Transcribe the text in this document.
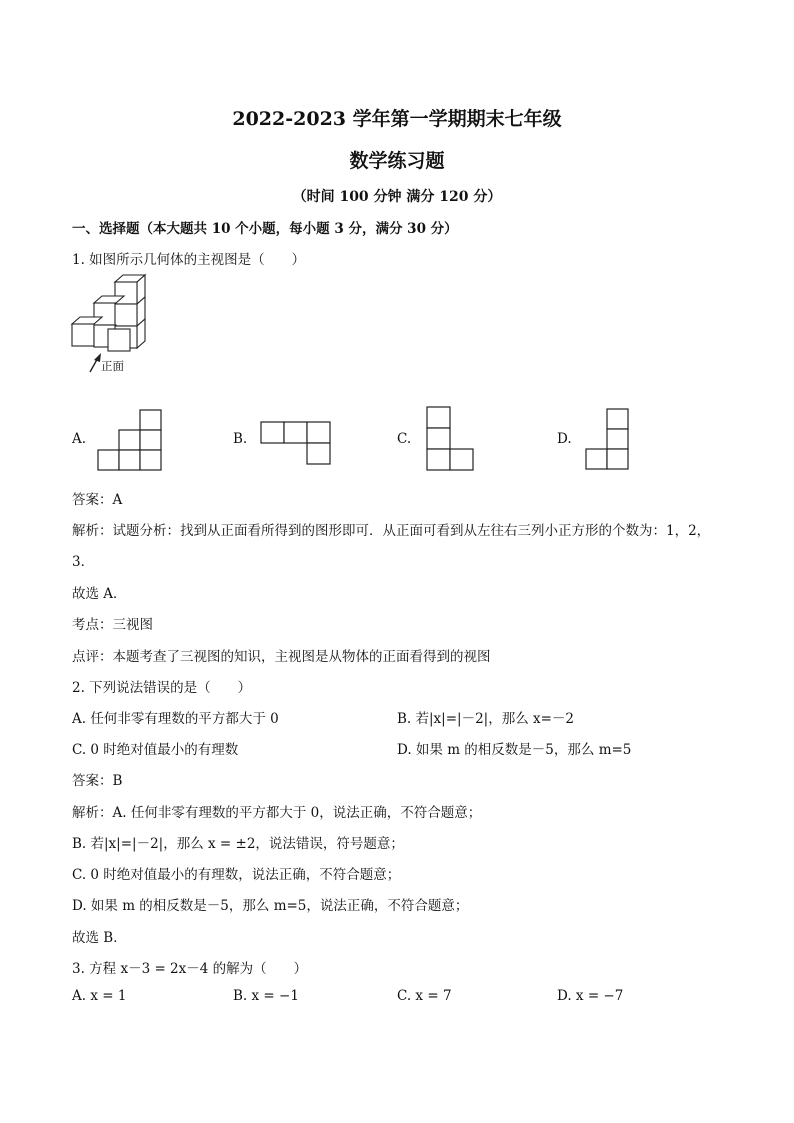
2022-2023 学年第一学期期末七年级
数学练习题
（时间 100 分钟 满分 120 分）
一、选择题（本大题共 10 个小题，每小题 3 分，满分 30 分）
1. 如图所示几何体的主视图是（　　）
正面
A.	B.	C.	D.
答案：A
解析：试题分析：找到从正面看所得到的图形即可．从正面可看到从左往右三列小正方形的个数为：1，2，
3．
故选 A．
考点：三视图
点评：本题考查了三视图的知识，主视图是从物体的正面看得到的视图
2. 下列说法错误的是（　　）
A. 任何非零有理数的平方都大于 0	B. 若|x|=|－2|，那么 x=－2
C. 0 时绝对值最小的有理数	D. 如果 m 的相反数是－5，那么 m=5
答案：B
解析：A. 任何非零有理数的平方都大于 0，说法正确，不符合题意；
B. 若|x|=|－2|，那么 x = ±2，说法错误，符号题意；
C. 0 时绝对值最小的有理数，说法正确，不符合题意；
D. 如果 m 的相反数是－5，那么 m=5，说法正确，不符合题意；
故选 B．
3. 方程 x－3 = 2x－4 的解为（　　）
A. x = 1	B. x = −1	C. x = 7	D. x = −7
